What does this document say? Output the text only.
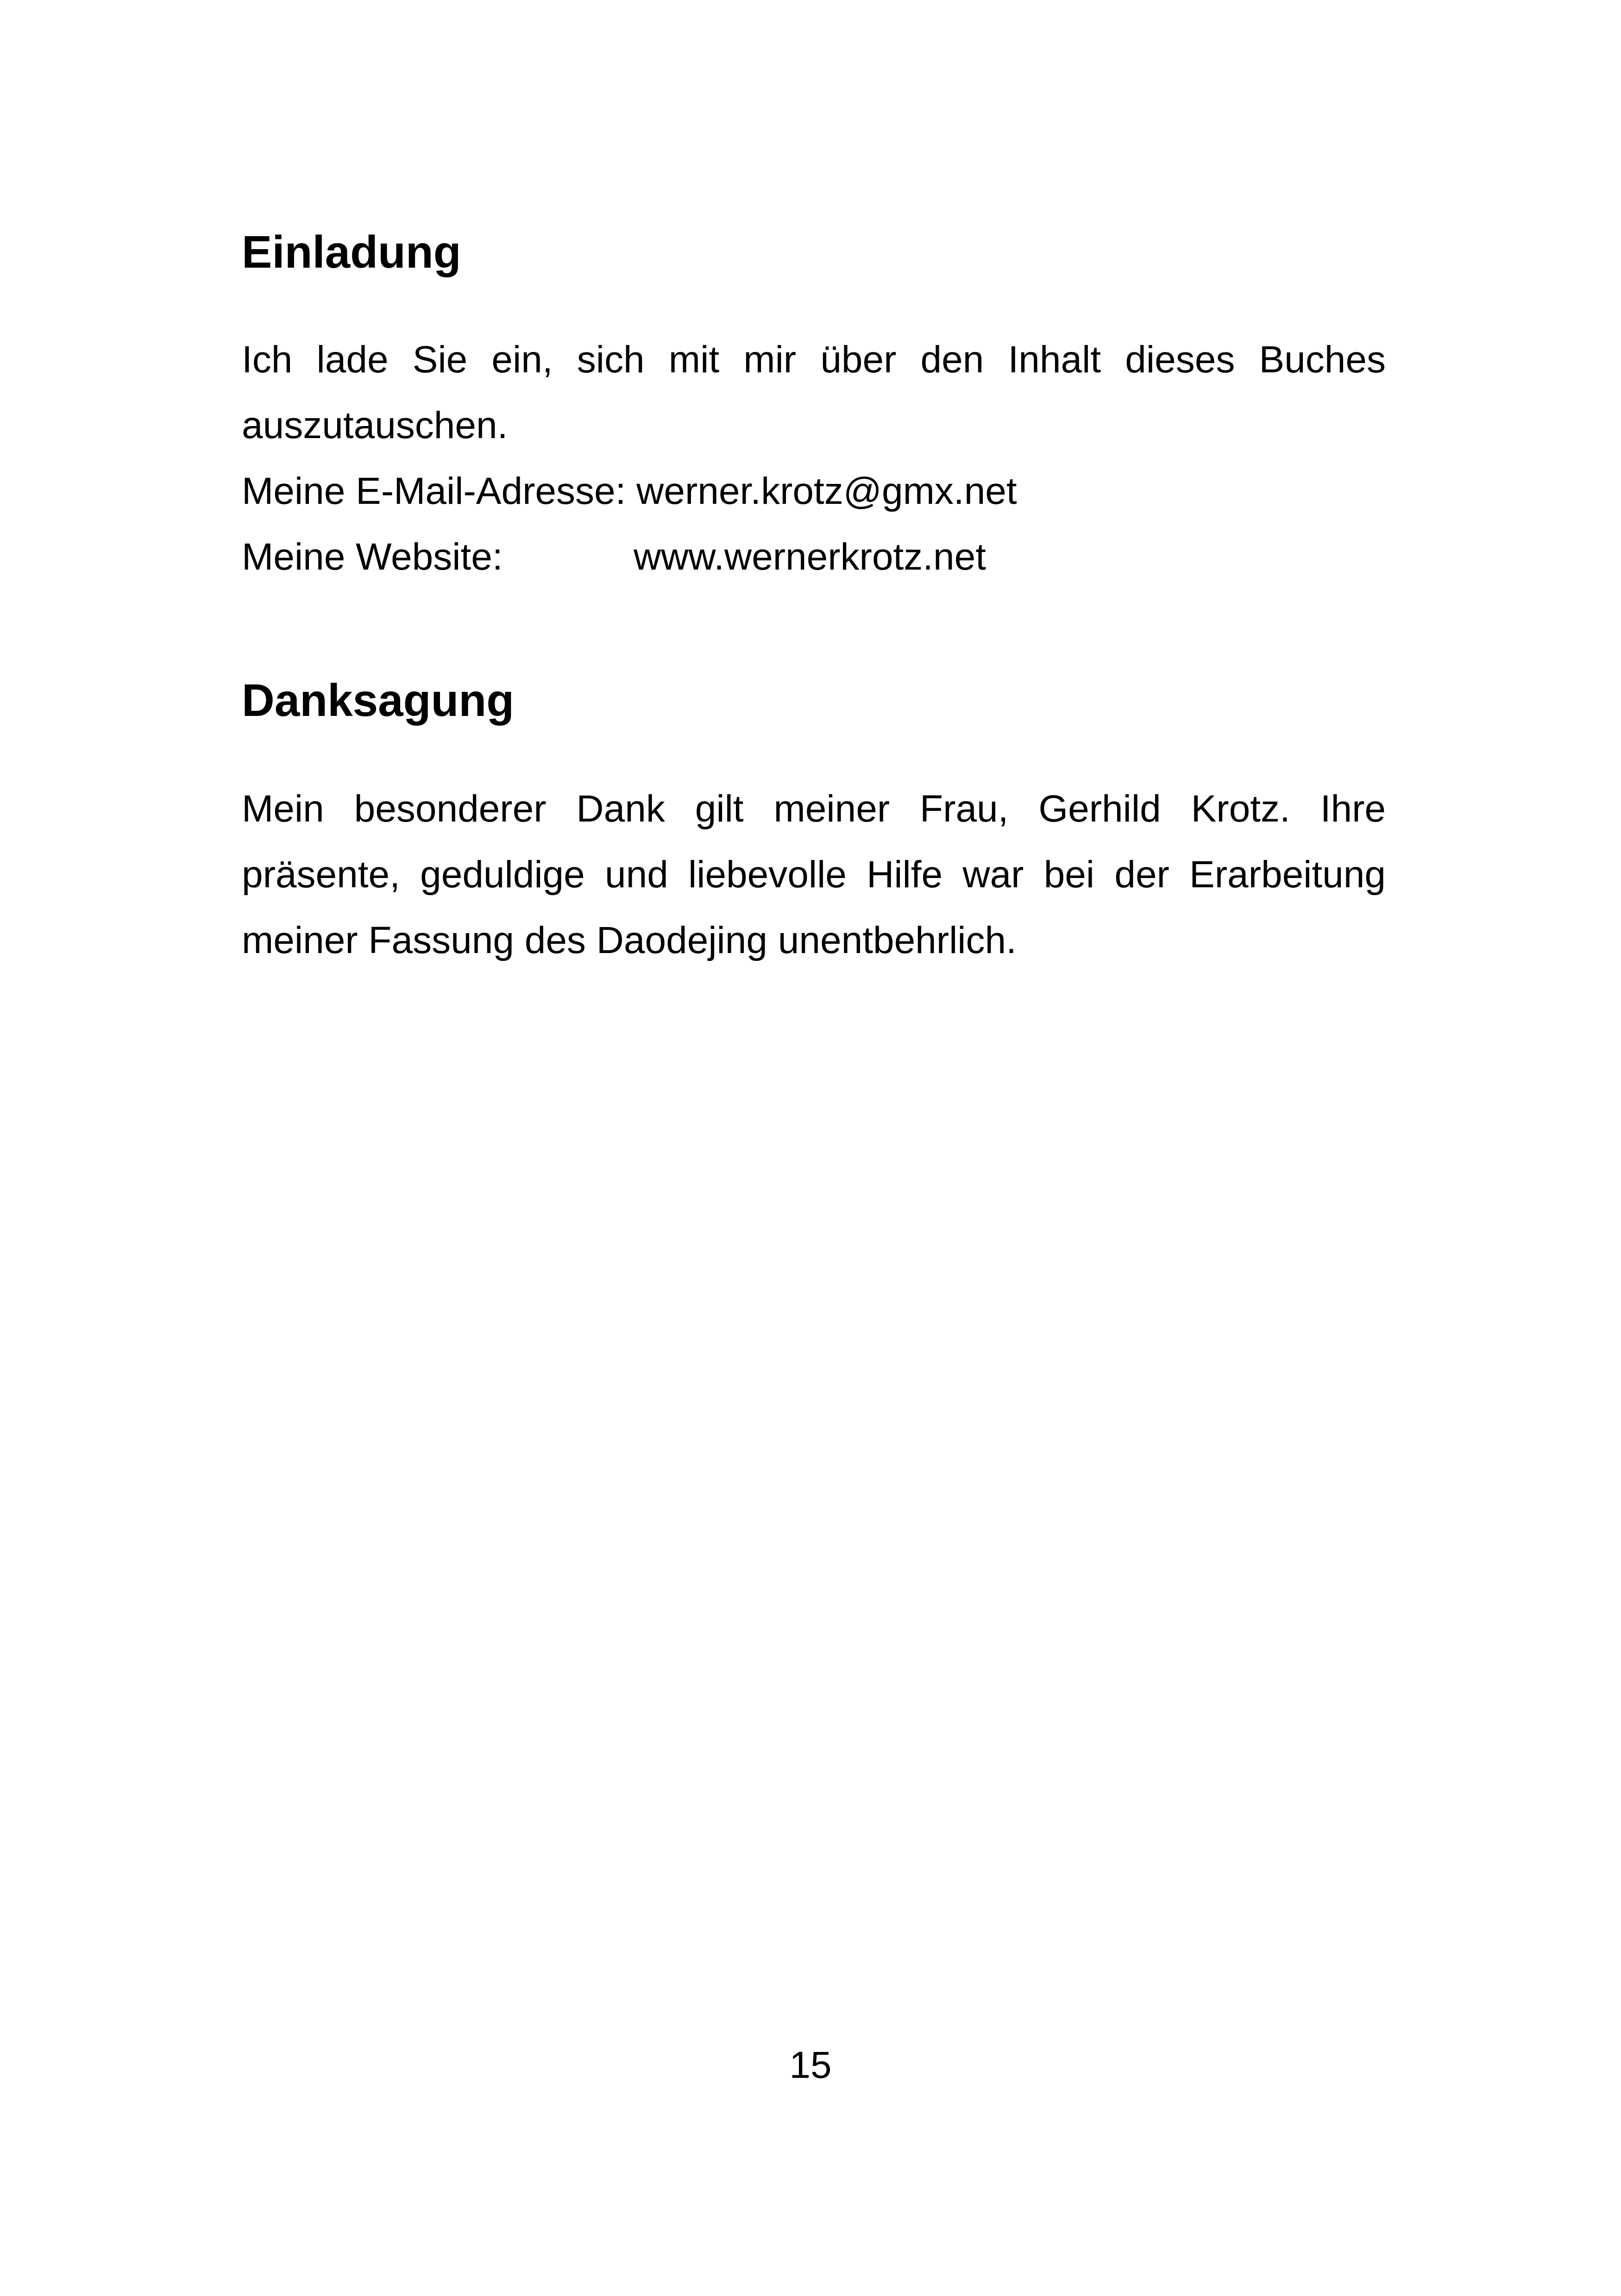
Einladung
Ich lade Sie ein, sich mit mir über den Inhalt dieses Buches
auszutauschen.
Meine E-Mail-Adresse: werner.krotz@gmx.net
Meine Website:	www.wernerkrotz.net
Danksagung
Mein besonderer Dank gilt meiner Frau, Gerhild Krotz. Ihre
präsente, geduldige und liebevolle Hilfe war bei der Erarbeitung
meiner Fassung des Daodejing unentbehrlich.
15
